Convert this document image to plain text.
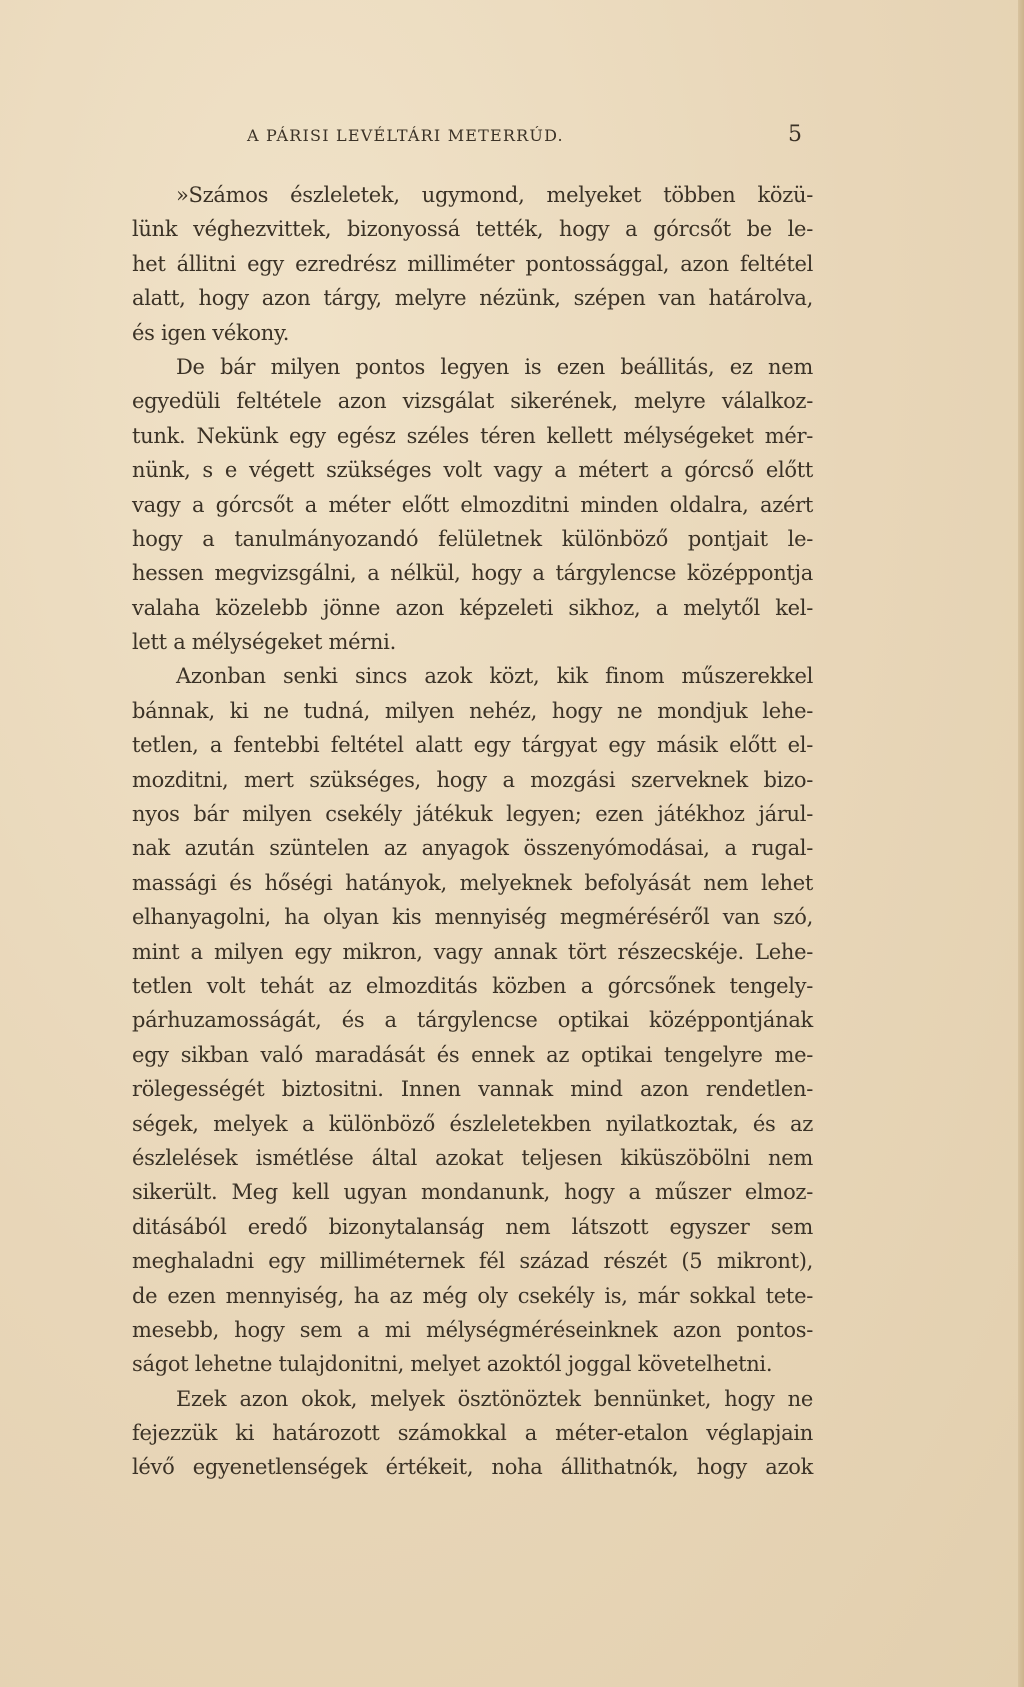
A PÁRISI LEVÉLTÁRI METERRÚD.	5
»Számos észleletek, ugymond, melyeket többen közü-
lünk véghezvittek, bizonyossá tették, hogy a górcsőt be le-
het állitni egy ezredrész milliméter pontossággal, azon feltétel
alatt, hogy azon tárgy, melyre nézünk, szépen van határolva,
és igen vékony.
De bár milyen pontos legyen is ezen beállitás, ez nem
egyedüli feltétele azon vizsgálat sikerének, melyre válalkoz-
tunk. Nekünk egy egész széles téren kellett mélységeket mér-
nünk, s e végett szükséges volt vagy a métert a górcső előtt
vagy a górcsőt a méter előtt elmozditni minden oldalra, azért
hogy a tanulmányozandó felületnek különböző pontjait le-
hessen megvizsgálni, a nélkül, hogy a tárgylencse középpontja
valaha közelebb jönne azon képzeleti sikhoz, a melytől kel-
lett a mélységeket mérni.
Azonban senki sincs azok közt, kik finom műszerekkel
bánnak, ki ne tudná, milyen nehéz, hogy ne mondjuk lehe-
tetlen, a fentebbi feltétel alatt egy tárgyat egy másik előtt el-
mozditni, mert szükséges, hogy a mozgási szerveknek bizo-
nyos bár milyen csekély játékuk legyen; ezen játékhoz járul-
nak azután szüntelen az anyagok összenyómodásai, a rugal-
massági és hőségi hatányok, melyeknek befolyását nem lehet
elhanyagolni, ha olyan kis mennyiség megméréséről van szó,
mint a milyen egy mikron, vagy annak tört részecskéje. Lehe-
tetlen volt tehát az elmozditás közben a górcsőnek tengely-
párhuzamosságát, és a tárgylencse optikai középpontjának
egy sikban való maradását és ennek az optikai tengelyre me-
rölegességét biztositni. Innen vannak mind azon rendetlen-
ségek, melyek a különböző észleletekben nyilatkoztak, és az
észlelések ismétlése által azokat teljesen kiküszöbölni nem
sikerült. Meg kell ugyan mondanunk, hogy a műszer elmoz-
ditásából eredő bizonytalanság nem látszott egyszer sem
meghaladni egy milliméternek fél század részét (5 mikront),
de ezen mennyiség, ha az még oly csekély is, már sokkal tete-
mesebb, hogy sem a mi mélységméréseinknek azon pontos-
ságot lehetne tulajdonitni, melyet azoktól joggal követelhetni.
Ezek azon okok, melyek ösztönöztek bennünket, hogy ne
fejezzük ki határozott számokkal a méter-etalon véglapjain
lévő egyenetlenségek értékeit, noha állithatnók, hogy azok
